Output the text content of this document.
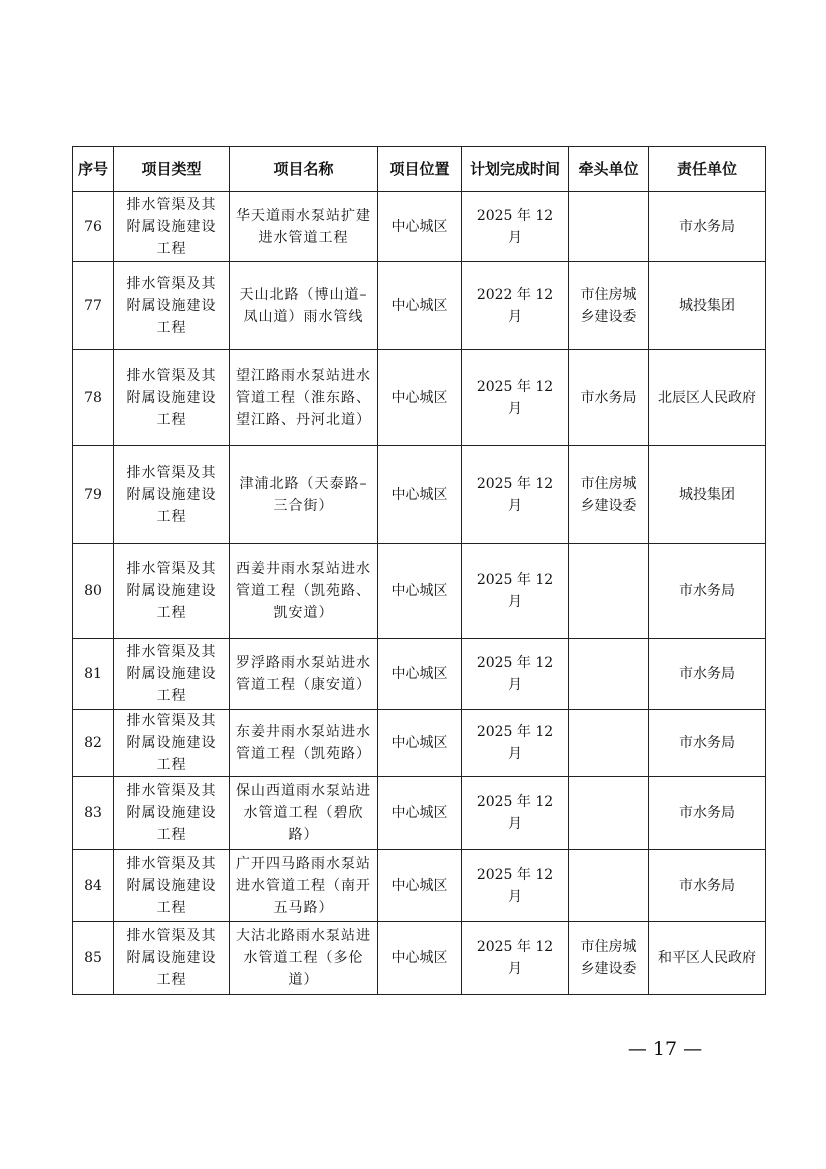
序号	项目类型	项目名称	项目位置	计划完成时间	牵头单位	责任单位
76	排水管渠及其附属设施建设工程	华天道雨水泵站扩建进水管道工程	中心城区	2025 年 12 月		市水务局
77	排水管渠及其附属设施建设工程	天山北路（博山道–凤山道）雨水管线	中心城区	2022 年 12 月	市住房城乡建设委	城投集团
78	排水管渠及其附属设施建设工程	望江路雨水泵站进水管道工程（淮东路、望江路、丹河北道）	中心城区	2025 年 12 月	市水务局	北辰区人民政府
79	排水管渠及其附属设施建设工程	津浦北路（天泰路–三合街）	中心城区	2025 年 12 月	市住房城乡建设委	城投集团
80	排水管渠及其附属设施建设工程	西姜井雨水泵站进水管道工程（凯苑路、凯安道）	中心城区	2025 年 12 月		市水务局
81	排水管渠及其附属设施建设工程	罗浮路雨水泵站进水管道工程（康安道）	中心城区	2025 年 12 月		市水务局
82	排水管渠及其附属设施建设工程	东姜井雨水泵站进水管道工程（凯苑路）	中心城区	2025 年 12 月		市水务局
83	排水管渠及其附属设施建设工程	保山西道雨水泵站进水管道工程（碧欣路）	中心城区	2025 年 12 月		市水务局
84	排水管渠及其附属设施建设工程	广开四马路雨水泵站进水管道工程（南开五马路）	中心城区	2025 年 12 月		市水务局
85	排水管渠及其附属设施建设工程	大沽北路雨水泵站进水管道工程（多伦道）	中心城区	2025 年 12 月	市住房城乡建设委	和平区人民政府
— 17 —
